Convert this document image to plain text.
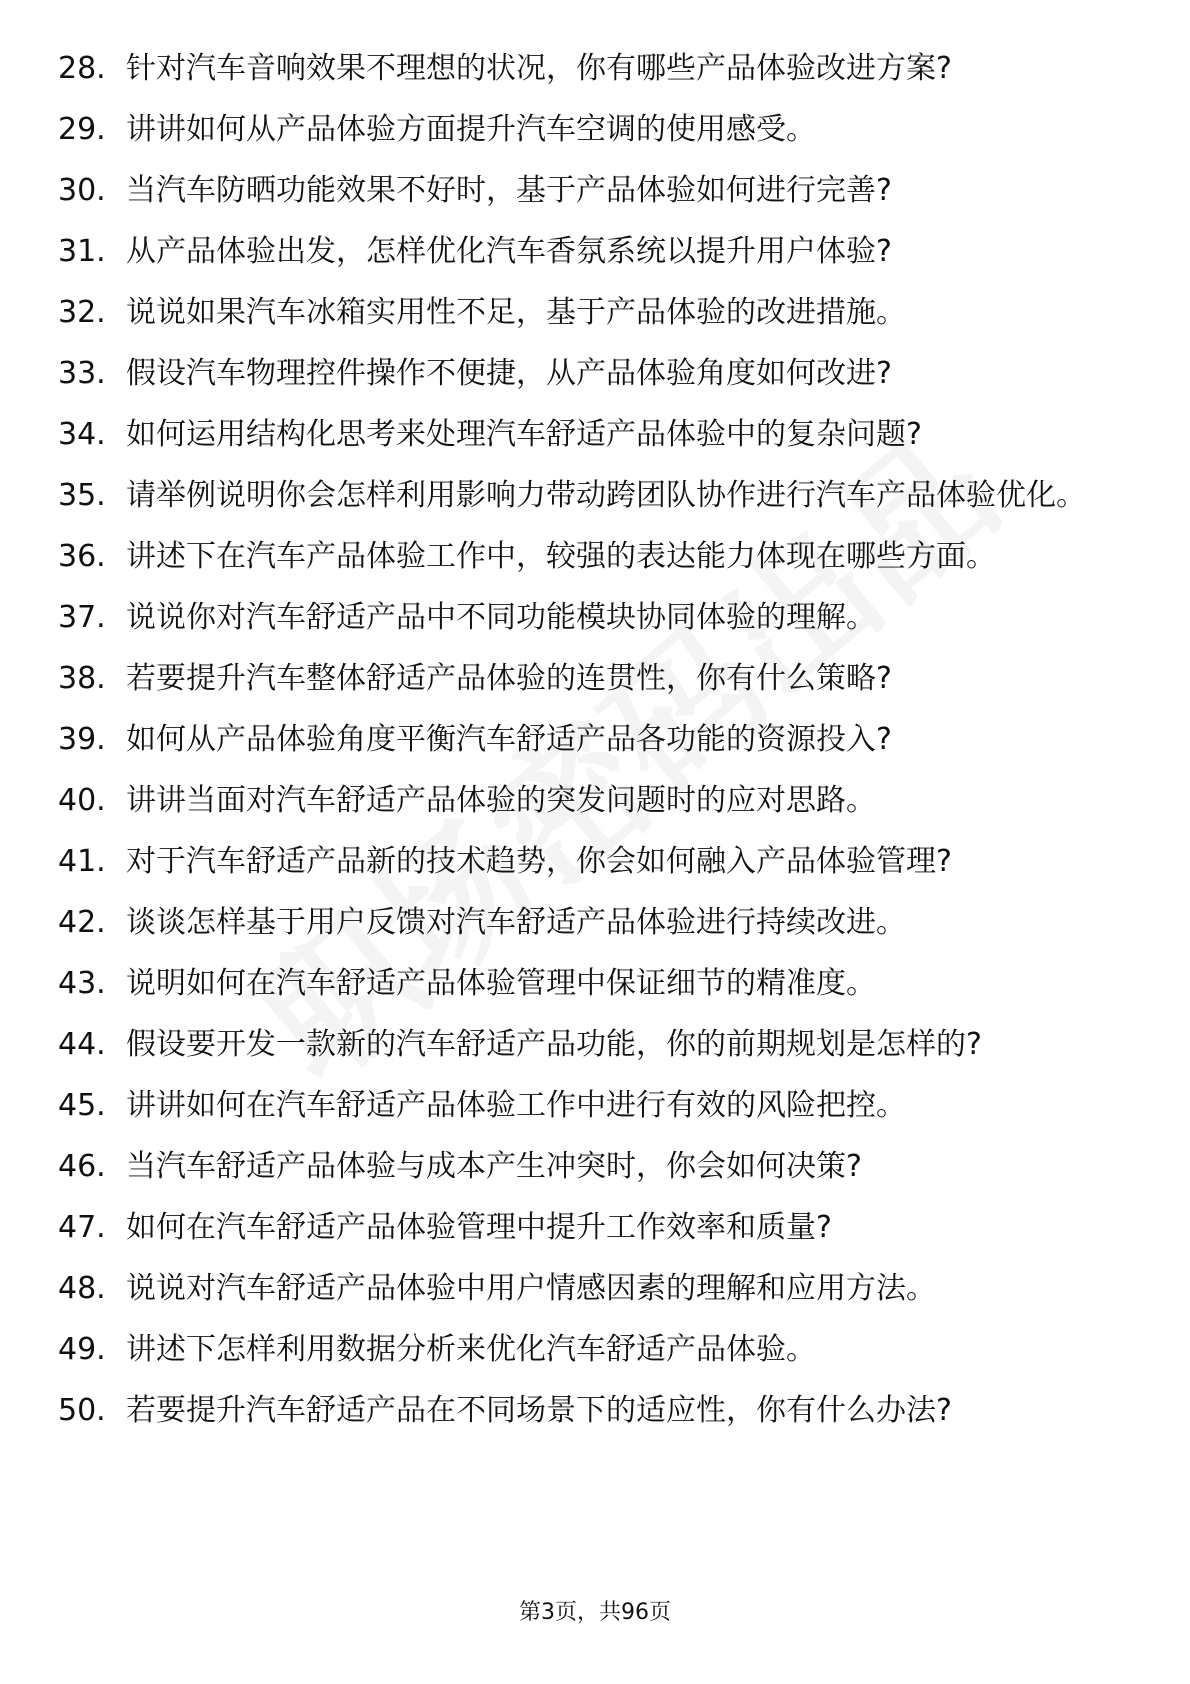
28. 针对汽车音响效果不理想的状况，你有哪些产品体验改进方案?
29. 讲讲如何从产品体验方面提升汽车空调的使用感受。
30. 当汽车防晒功能效果不好时，基于产品体验如何进行完善?
31. 从产品体验出发，怎样优化汽车香氛系统以提升用户体验?
32. 说说如果汽车冰箱实用性不足，基于产品体验的改进措施。
33. 假设汽车物理控件操作不便捷，从产品体验角度如何改进?
34. 如何运用结构化思考来处理汽车舒适产品体验中的复杂问题?
35. 请举例说明你会怎样利用影响力带动跨团队协作进行汽车产品体验优化。
36. 讲述下在汽车产品体验工作中，较强的表达能力体现在哪些方面。
37. 说说你对汽车舒适产品中不同功能模块协同体验的理解。
38. 若要提升汽车整体舒适产品体验的连贯性，你有什么策略?
39. 如何从产品体验角度平衡汽车舒适产品各功能的资源投入?
40. 讲讲当面对汽车舒适产品体验的突发问题时的应对思路。
41. 对于汽车舒适产品新的技术趋势，你会如何融入产品体验管理?
42. 谈谈怎样基于用户反馈对汽车舒适产品体验进行持续改进。
43. 说明如何在汽车舒适产品体验管理中保证细节的精准度。
44. 假设要开发一款新的汽车舒适产品功能，你的前期规划是怎样的?
45. 讲讲如何在汽车舒适产品体验工作中进行有效的风险把控。
46. 当汽车舒适产品体验与成本产生冲突时，你会如何决策?
47. 如何在汽车舒适产品体验管理中提升工作效率和质量?
48. 说说对汽车舒适产品体验中用户情感因素的理解和应用方法。
49. 讲述下怎样利用数据分析来优化汽车舒适产品体验。
50. 若要提升汽车舒适产品在不同场景下的适应性，你有什么办法?
第3页，共96页
